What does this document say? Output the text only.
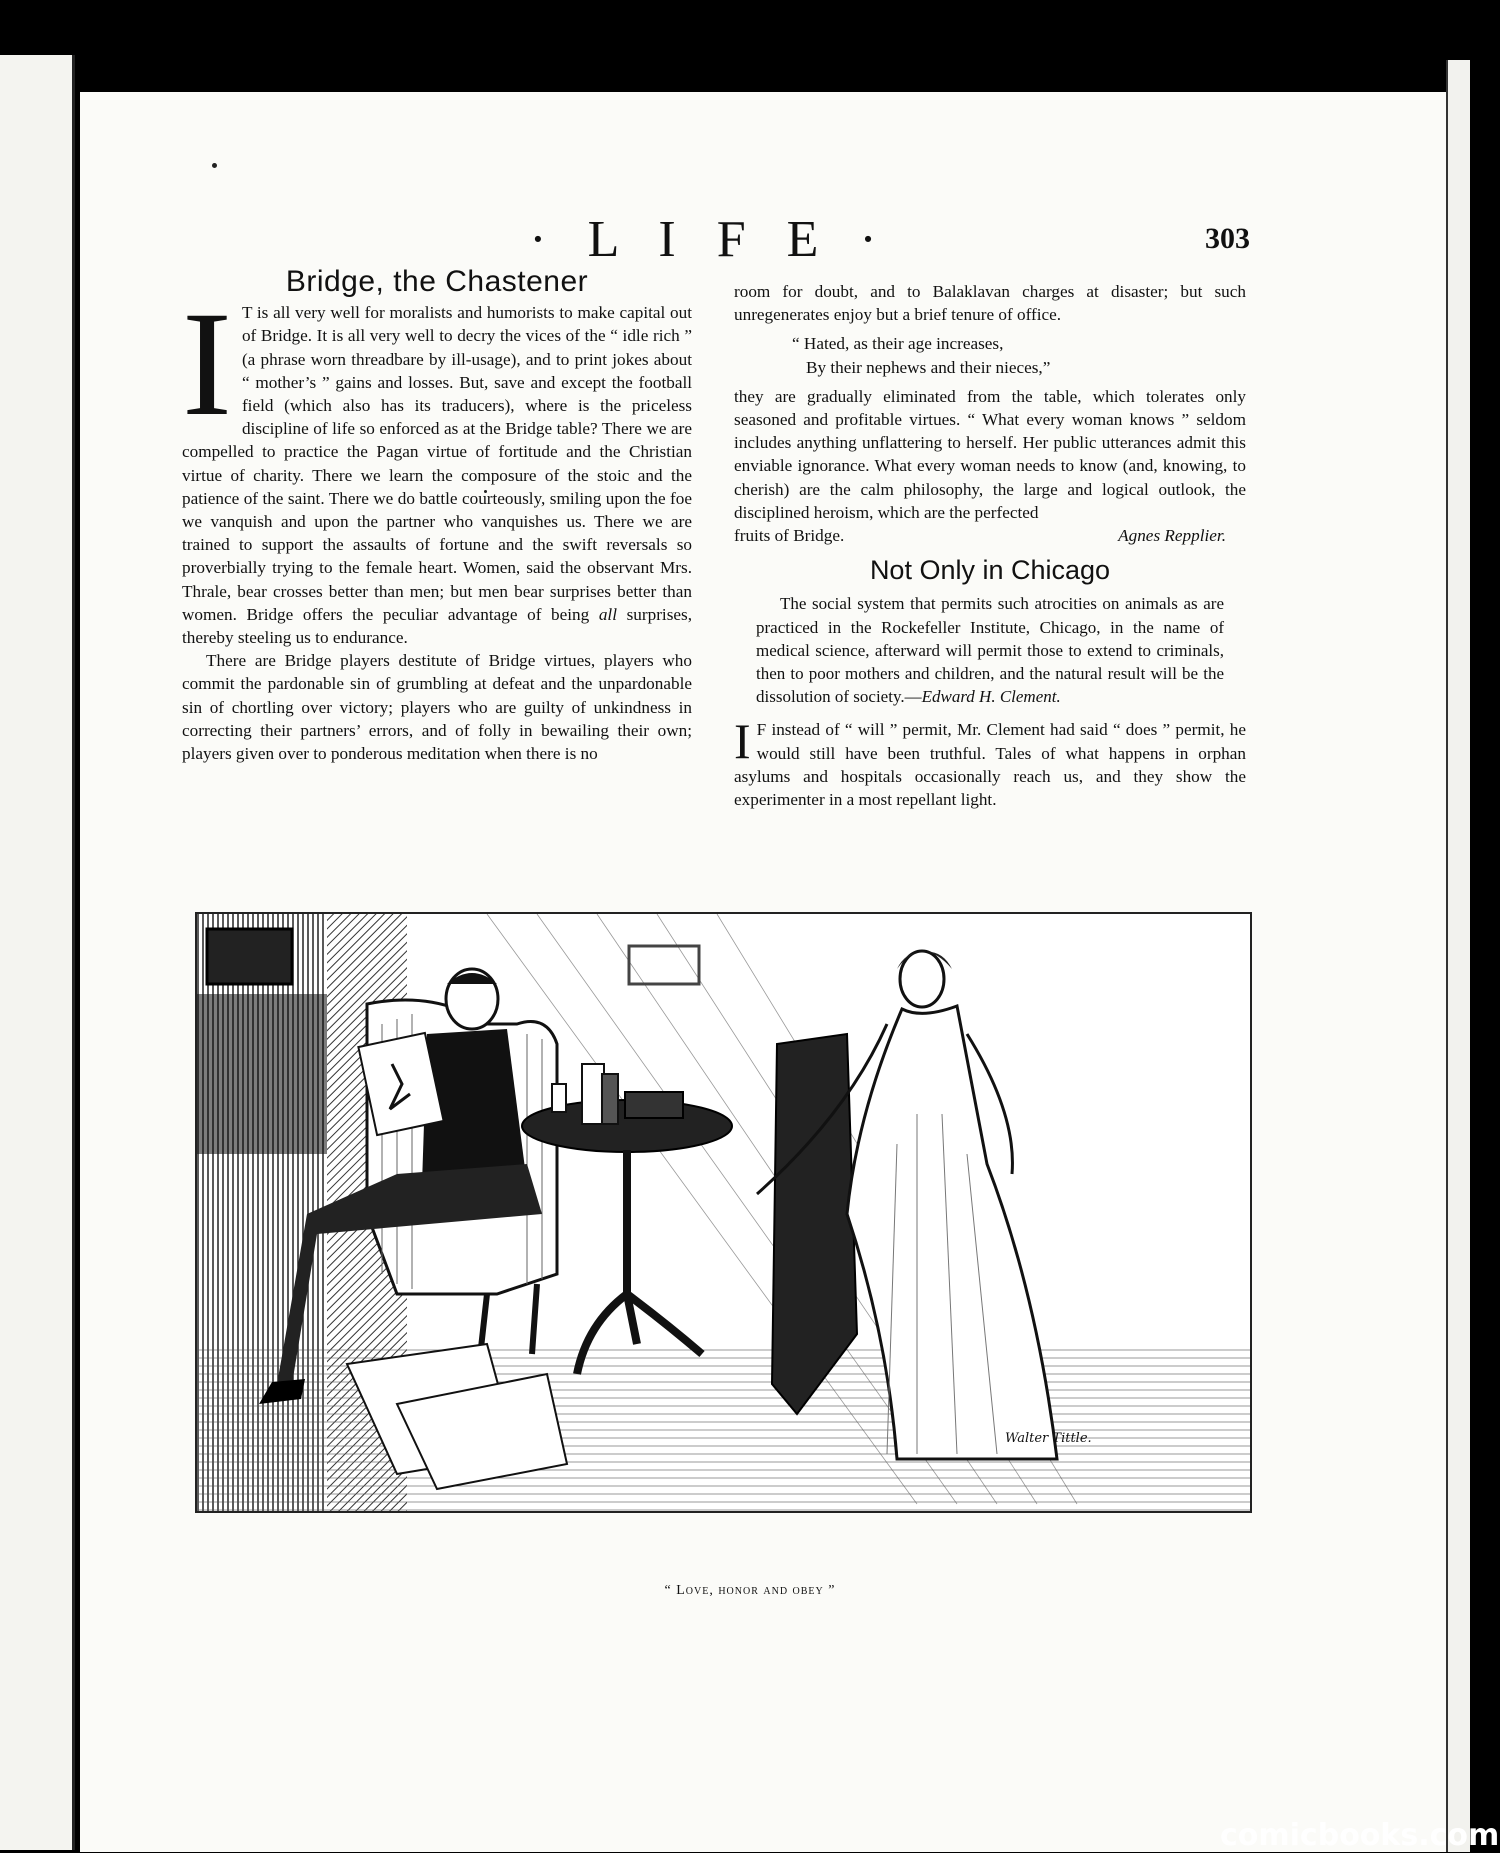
· L I F E ·	303
Bridge, the Chastener

I T is all very well for moralists and humorists to make capital out of Bridge. It is all very well to decry the vices of the “ idle rich ” (a phrase worn threadbare by ill-usage), and to print jokes about “ mother’s ” gains and losses. But, save and except the football field (which also has its traducers), where is the priceless discipline of life so enforced as at the Bridge table? There we are compelled to practice the Pagan virtue of fortitude and the Christian virtue of charity. There we learn the composure of the stoic and the patience of the saint. There we do battle courteously, smiling upon the foe we vanquish and upon the partner who vanquishes us. There we are trained to support the assaults of fortune and the swift reversals so proverbially trying to the female heart. Women, said the observant Mrs. Thrale, bear crosses better than men; but men bear surprises better than women. Bridge offers the peculiar advantage of being all surprises, thereby steeling us to endurance.

There are Bridge players destitute of Bridge virtues, players who commit the pardonable sin of grumbling at defeat and the unpardonable sin of chortling over victory; players who are guilty of unkindness in correcting their partners’ errors, and of folly in bewailing their own; players given over to ponderous meditation when there is no

room for doubt, and to Balaklavan charges at disaster; but such unregenerates enjoy but a brief tenure of office.

“ Hated, as their age increases,
By their nephews and their nieces,”

they are gradually eliminated from the table, which tolerates only seasoned and profitable virtues. “ What every woman knows ” seldom includes anything unflattering to herself. Her public utterances admit this enviable ignorance. What every woman needs to know (and, knowing, to cherish) are the calm philosophy, the large and logical outlook, the disciplined heroism, which are the perfected

fruits of Bridge.	Agnes Repplier.
Not Only in Chicago

The social system that permits such atrocities on animals as are practiced in the Rockefeller Institute, Chicago, in the name of medical science, afterward will permit those to extend to criminals, then to poor mothers and children, and the natural result will be the dissolution of society.—Edward H. Clement.

I F instead of “ will ” permit, Mr. Clement had said “ does ” permit, he would still have been truthful. Tales of what happens in orphan asylums and hospitals occasionally reach us, and they show the experimenter in a most repellant light.

Walter Tittle.
“ Love, honor and obey ”
comicbooks.com
